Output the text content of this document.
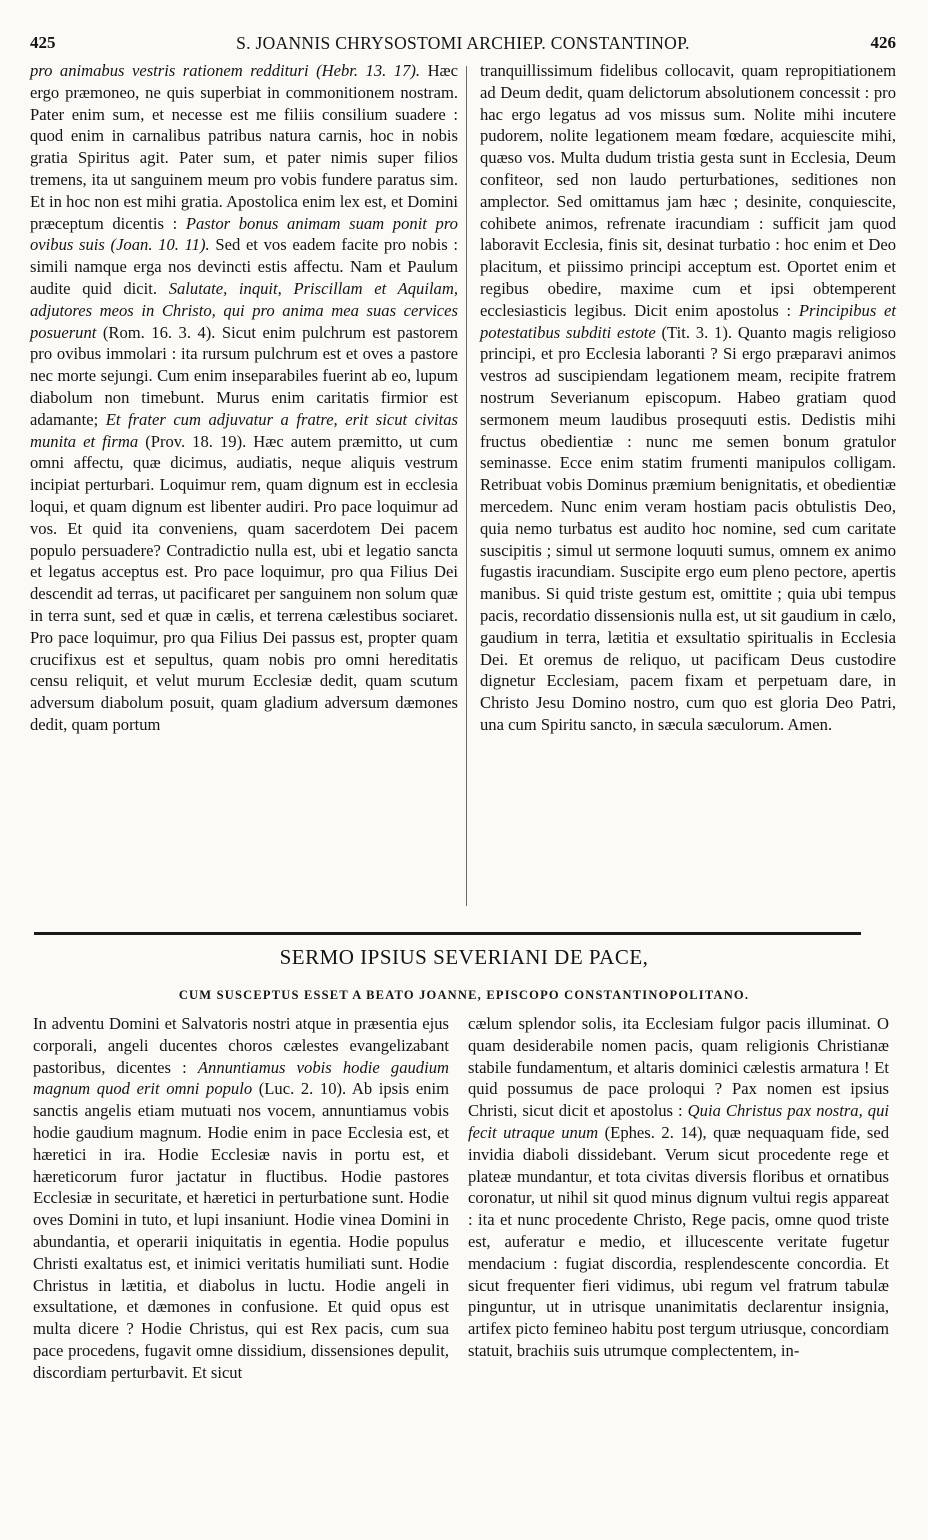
425	S. JOANNIS CHRYSOSTOMI ARCHIEP. CONSTANTINOP.	426

pro animabus vestris rationem reddituri (Hebr. 13. 17). Hæc ergo præmoneo, ne quis superbiat in commonitionem nostram. Pater enim sum, et necesse est me filiis consilium suadere : quod enim in carnalibus patribus natura carnis, hoc in nobis gratia Spiritus agit. Pater sum, et pater nimis super filios tremens, ita ut sanguinem meum pro vobis fundere paratus sim. Et in hoc non est mihi gratia. Apostolica enim lex est, et Domini præceptum dicentis : Pastor bonus animam suam ponit pro ovibus suis (Joan. 10. 11). Sed et vos eadem facite pro nobis : simili namque erga nos devincti estis affectu. Nam et Paulum audite quid dicit. Salutate, inquit, Priscillam et Aquilam, adjutores meos in Christo, qui pro anima mea suas cervices posuerunt (Rom. 16. 3. 4). Sicut enim pulchrum est pastorem pro ovibus immolari : ita rursum pulchrum est et oves a pastore nec morte sejungi. Cum enim inseparabiles fuerint ab eo, lupum diabolum non timebunt. Murus enim caritatis firmior est adamante; Et frater cum adjuvatur a fratre, erit sicut civitas munita et firma (Prov. 18. 19). Hæc autem præmitto, ut cum omni affectu, quæ dicimus, audiatis, neque aliquis vestrum incipiat perturbari. Loquimur rem, quam dignum est in ecclesia loqui, et quam dignum est libenter audiri. Pro pace loquimur ad vos. Et quid ita conveniens, quam sacerdotem Dei pacem populo persuadere? Contradictio nulla est, ubi et legatio sancta et legatus acceptus est. Pro pace loquimur, pro qua Filius Dei descendit ad terras, ut pacificaret per sanguinem non solum quæ in terra sunt, sed et quæ in cælis, et terrena cælestibus sociaret. Pro pace loquimur, pro qua Filius Dei passus est, propter quam crucifixus est et sepultus, quam nobis pro omni hereditatis censu reliquit, et velut murum Ecclesiæ dedit, quam scutum adversum diabolum posuit, quam gladium adversum dæmones dedit, quam portum

tranquillissimum fidelibus collocavit, quam repropitiationem ad Deum dedit, quam delictorum absolutionem concessit : pro hac ergo legatus ad vos missus sum. Nolite mihi incutere pudorem, nolite legationem meam fœdare, acquiescite mihi, quæso vos. Multa dudum tristia gesta sunt in Ecclesia, Deum confiteor, sed non laudo perturbationes, seditiones non amplector. Sed omittamus jam hæc ; desinite, conquiescite, cohibete animos, refrenate iracundiam : sufficit jam quod laboravit Ecclesia, finis sit, desinat turbatio : hoc enim et Deo placitum, et piissimo principi acceptum est. Oportet enim et regibus obedire, maxime cum et ipsi obtemperent ecclesiasticis legibus. Dicit enim apostolus : Principibus et potestatibus subditi estote (Tit. 3. 1). Quanto magis religioso principi, et pro Ecclesia laboranti ? Si ergo præparavi animos vestros ad suscipiendam legationem meam, recipite fratrem nostrum Severianum episcopum. Habeo gratiam quod sermonem meum laudibus prosequuti estis. Dedistis mihi fructus obedientiæ : nunc me semen bonum gratulor seminasse. Ecce enim statim frumenti manipulos colligam. Retribuat vobis Dominus præmium benignitatis, et obedientiæ mercedem. Nunc enim veram hostiam pacis obtulistis Deo, quia nemo turbatus est audito hoc nomine, sed cum caritate suscipitis ; simul ut sermone loquuti sumus, omnem ex animo fugastis iracundiam. Suscipite ergo eum pleno pectore, apertis manibus. Si quid triste gestum est, omittite ; quia ubi tempus pacis, recordatio dissensionis nulla est, ut sit gaudium in cælo, gaudium in terra, lætitia et exsultatio spiritualis in Ecclesia Dei. Et oremus de reliquo, ut pacificam Deus custodire dignetur Ecclesiam, pacem fixam et perpetuam dare, in Christo Jesu Domino nostro, cum quo est gloria Deo Patri, una cum Spiritu sancto, in sæcula sæculorum. Amen.

SERMO IPSIUS SEVERIANI DE PACE,
CUM SUSCEPTUS ESSET A BEATO JOANNE, EPISCOPO CONSTANTINOPOLITANO.

In adventu Domini et Salvatoris nostri atque in præsentia ejus corporali, angeli ducentes choros cælestes evangelizabant pastoribus, dicentes : Annuntiamus vobis hodie gaudium magnum quod erit omni populo (Luc. 2. 10). Ab ipsis enim sanctis angelis etiam mutuati nos vocem, annuntiamus vobis hodie gaudium magnum. Hodie enim in pace Ecclesia est, et hæretici in ira. Hodie Ecclesiæ navis in portu est, et hæreticorum furor jactatur in fluctibus. Hodie pastores Ecclesiæ in securitate, et hæretici in perturbatione sunt. Hodie oves Domini in tuto, et lupi insaniunt. Hodie vinea Domini in abundantia, et operarii iniquitatis in egentia. Hodie populus Christi exaltatus est, et inimici veritatis humiliati sunt. Hodie Christus in lætitia, et diabolus in luctu. Hodie angeli in exsultatione, et dæmones in confusione. Et quid opus est multa dicere ? Hodie Christus, qui est Rex pacis, cum sua pace procedens, fugavit omne dissidium, dissensiones depulit, discordiam perturbavit. Et sicut

cælum splendor solis, ita Ecclesiam fulgor pacis illuminat. O quam desiderabile nomen pacis, quam religionis Christianæ stabile fundamentum, et altaris dominici cælestis armatura ! Et quid possumus de pace proloqui ? Pax nomen est ipsius Christi, sicut dicit et apostolus : Quia Christus pax nostra, qui fecit utraque unum (Ephes. 2. 14), quæ nequaquam fide, sed invidia diaboli dissidebant. Verum sicut procedente rege et plateæ mundantur, et tota civitas diversis floribus et ornatibus coronatur, ut nihil sit quod minus dignum vultui regis appareat : ita et nunc procedente Christo, Rege pacis, omne quod triste est, auferatur e medio, et illucescente veritate fugetur mendacium : fugiat discordia, resplendescente concordia. Et sicut frequenter fieri vidimus, ubi regum vel fratrum tabulæ pinguntur, ut in utrisque unanimitatis declarentur insignia, artifex picto femineo habitu post tergum utriusque, concordiam statuit, brachiis suis utrumque complectentem, in-
